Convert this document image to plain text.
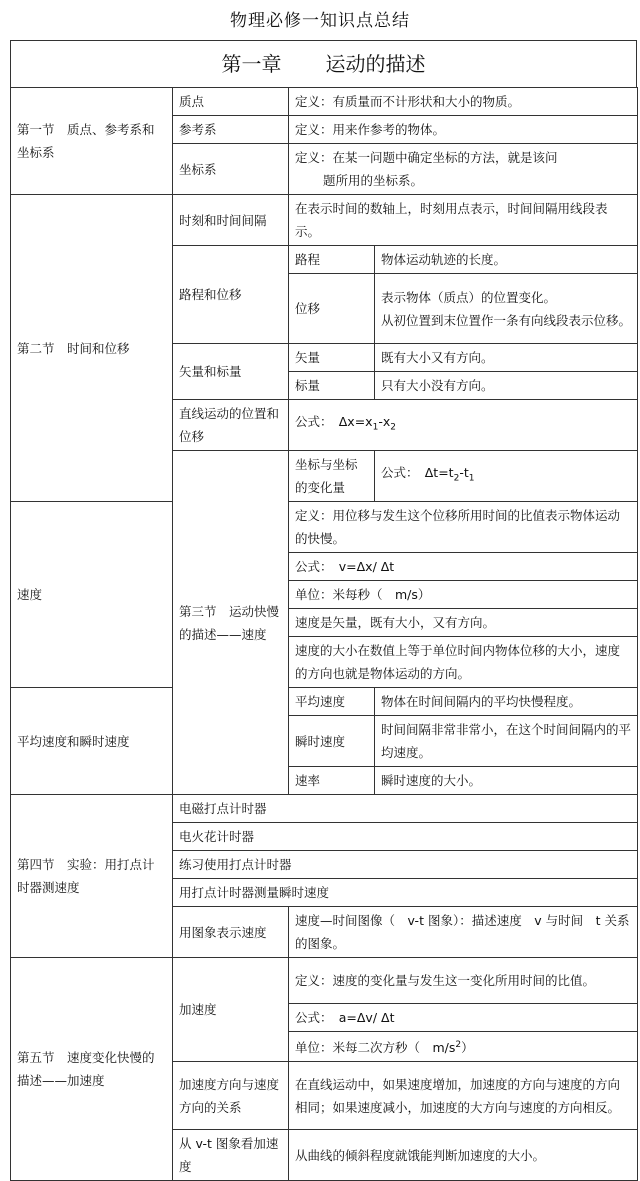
物理必修一知识点总结
第一章 运动的描述
第一节　质点、参考系和坐标系	质点	定义：有质量而不计形状和大小的物质。	
	参考系	定义：用来作参考的物体。	
	坐标系	定义：在某一问题中确定坐标的方法，就是该问
题所用的坐标系。	

第二节　时间和位移	时刻和时间间隔	在表示时间的数轴上，时刻用点表示，时间间隔用线段表示。	
	路程和位移	路程	物体运动轨迹的长度。
		位移	表示物体（质点）的位置变化。
从初位置到末位置作一条有向线段表示位移。

	矢量和标量	矢量	既有大小又有方向。
		标量	只有大小没有方向。
	直线运动的位置和位移	公式：　$\Delta x=x_1-x_2$
	第三节　运动快慢的描述——速度	坐标与坐标的变化量	公式：　$\Delta t=t_2-t_1$
速度		定义：用位移与发生这个位移所用时间的比值表示物体运动的快慢。	
		公式：　v=Δx/ Δt	
		单位：米每秒（　m/s）	
		速度是矢量，既有大小，又有方向。	
		速度的大小在数值上等于单位时间内物体位移的大小，速度的方向也就是物体运动的方向。	
平均速度和瞬时速度		平均速度	物体在时间间隔内的平均快慢程度。
		瞬时速度	时间间隔非常非常小，在这个时间间隔内的平均速度。
		速率	瞬时速度的大小。
第四节　实验：用打点计时器测速度	电磁打点计时器		
	电火花计时器		
	练习使用打点计时器		
	用打点计时器测量瞬时速度		
	用图象表示速度	速度—时间图像（　v-t 图象）：描述速度　v 与时间　t 关系的图象。	
第五节　速度变化快慢的描述——加速度	加速度	定义：速度的变化量与发生这一变化所用时间的比值。	
		公式：　a=Δv/ Δt	
		单位：米每二次方秒（　$m/s^2$）	
	加速度方向与速度方向的关系	在直线运动中，如果速度增加，加速度的方向与速度的方向相同；如果速度减小，加速度的大方向与速度的方向相反。	
	从 v-t 图象看加速度	从曲线的倾斜程度就饿能判断加速度的大小。	
